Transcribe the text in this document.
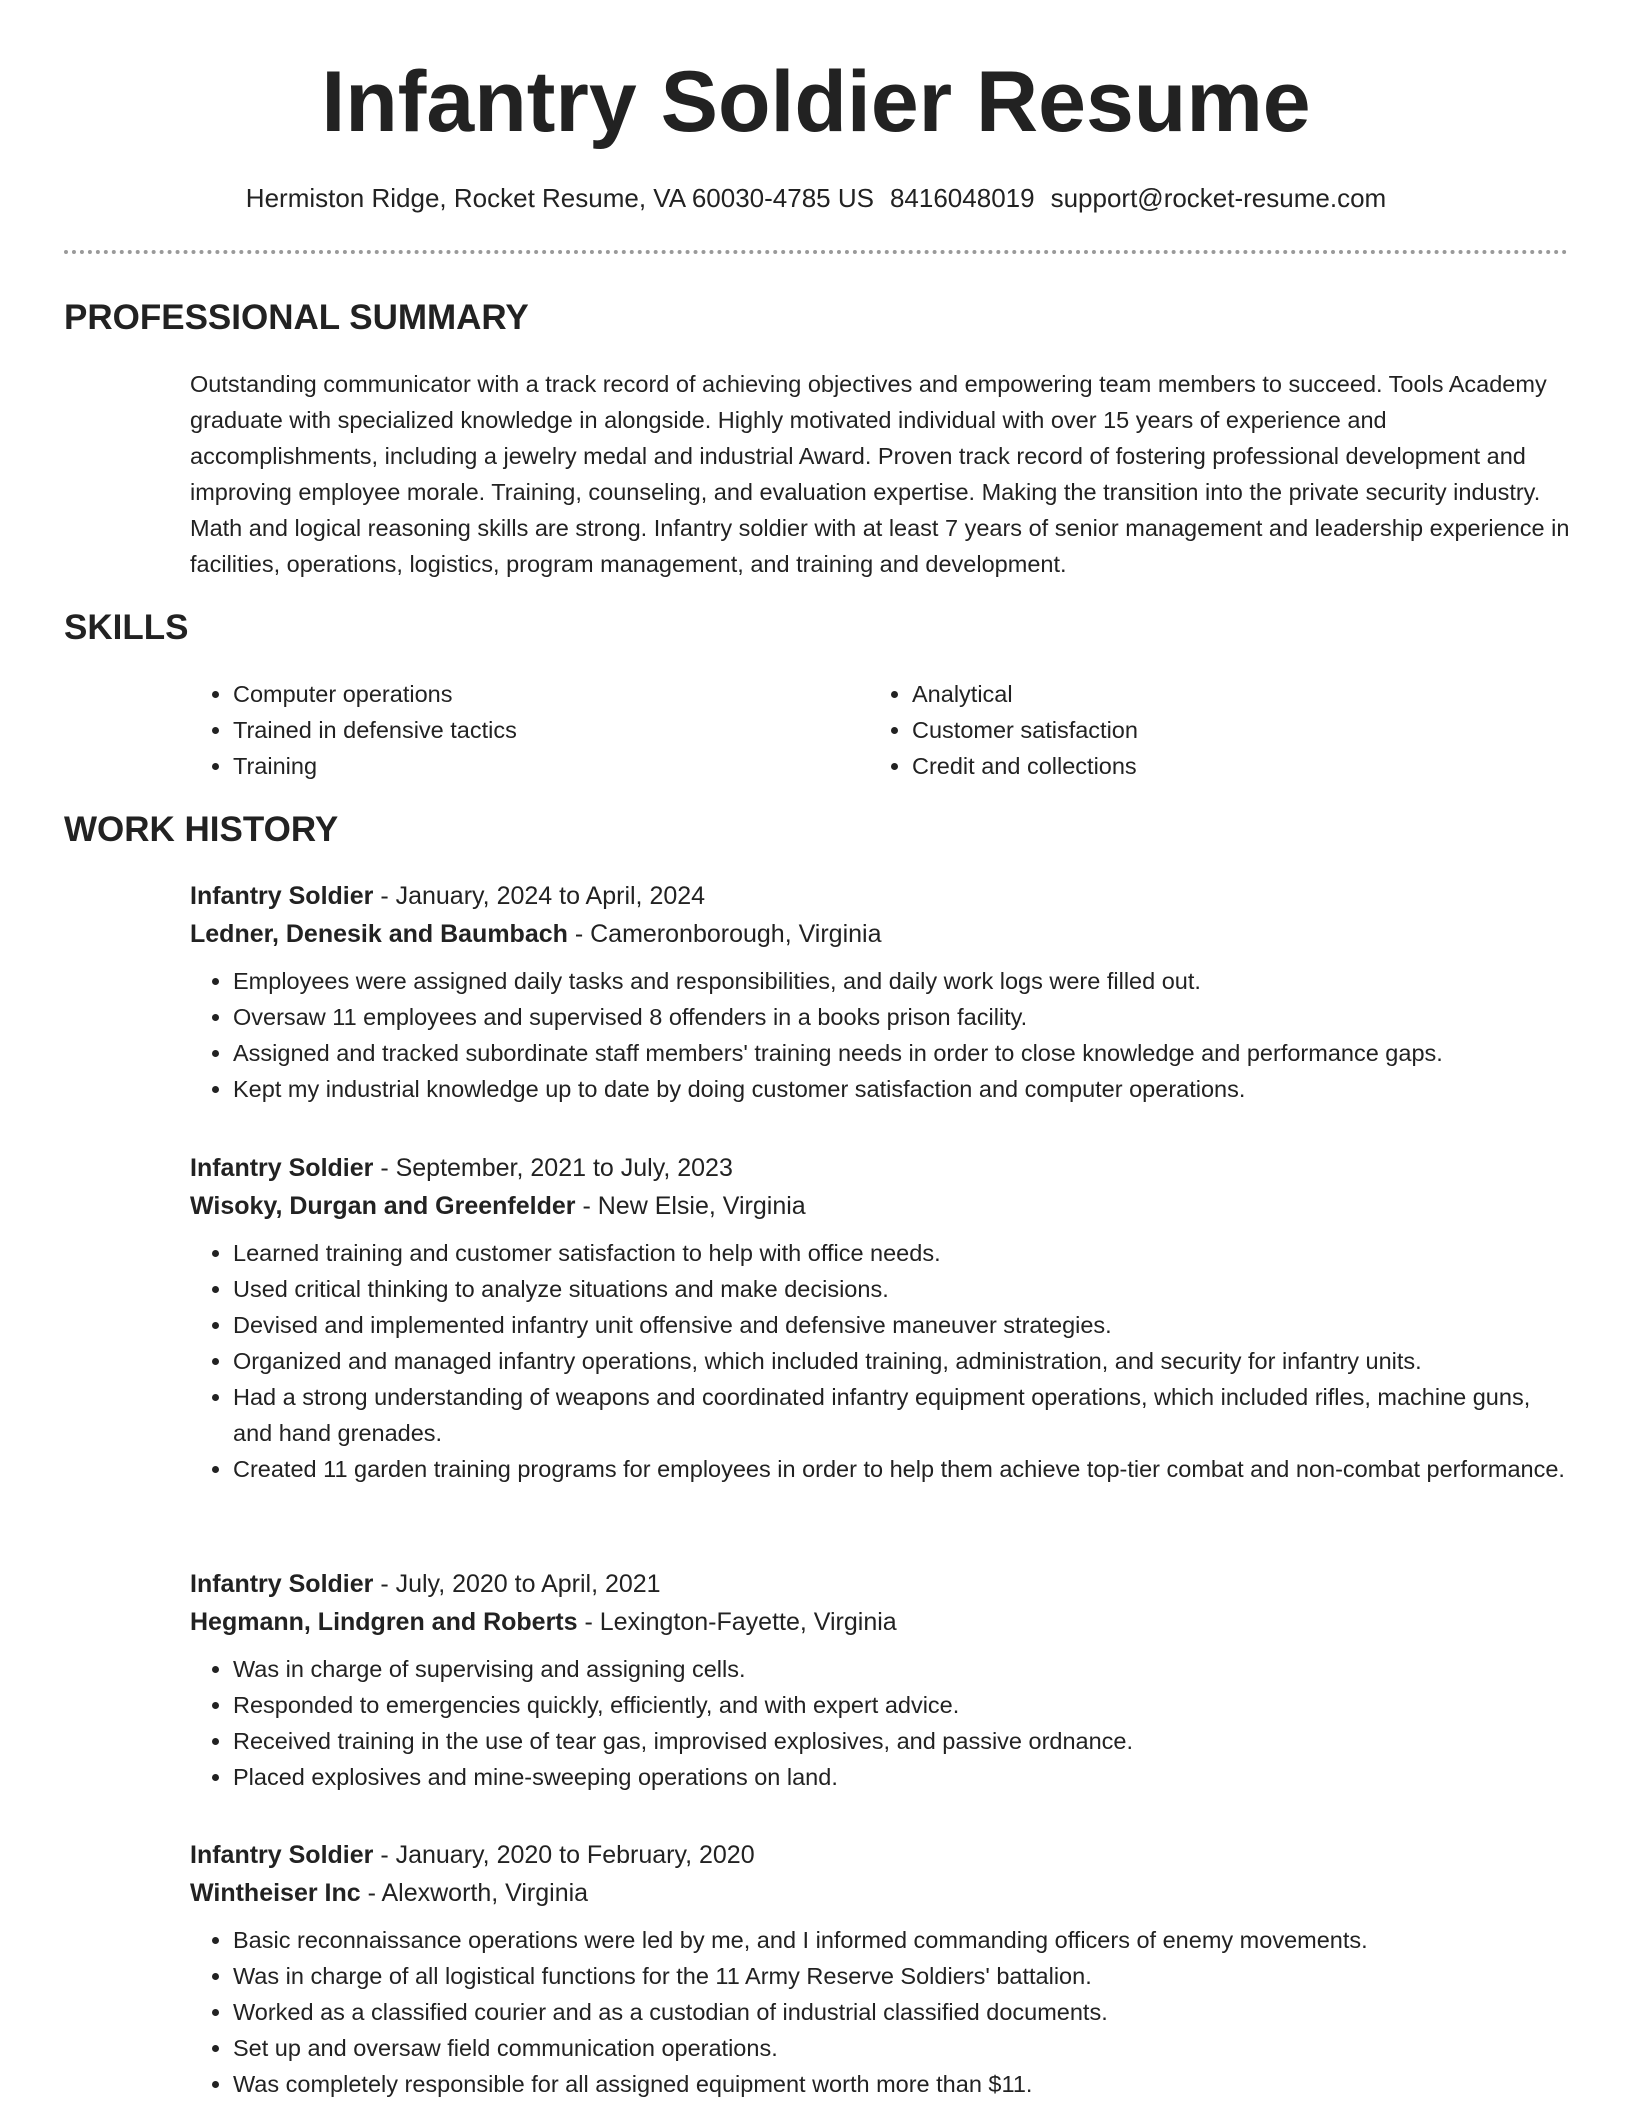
Infantry Soldier Resume
Hermiston Ridge, Rocket Resume, VA 60030-4785 US 8416048019 support@rocket-resume.com
PROFESSIONAL SUMMARY

Outstanding communicator with a track record of achieving objectives and empowering team members to succeed. Tools Academy graduate with specialized knowledge in alongside. Highly motivated individual with over 15 years of experience and accomplishments, including a jewelry medal and industrial Award. Proven track record of fostering professional development and improving employee morale. Training, counseling, and evaluation expertise. Making the transition into the private security industry. Math and logical reasoning skills are strong. Infantry soldier with at least 7 years of senior management and leadership experience in facilities, operations, logistics, program management, and training and development.

SKILLS
• Computer operations
• Trained in defensive tactics
• Training
• Analytical
• Customer satisfaction
• Credit and collections
WORK HISTORY
Infantry Soldier - January, 2024 to April, 2024
Ledner, Denesik and Baumbach - Cameronborough, Virginia
• Employees were assigned daily tasks and responsibilities, and daily work logs were filled out.
• Oversaw 11 employees and supervised 8 offenders in a books prison facility.
• Assigned and tracked subordinate staff members' training needs in order to close knowledge and performance gaps.
• Kept my industrial knowledge up to date by doing customer satisfaction and computer operations.
Infantry Soldier - September, 2021 to July, 2023
Wisoky, Durgan and Greenfelder - New Elsie, Virginia
• Learned training and customer satisfaction to help with office needs.
• Used critical thinking to analyze situations and make decisions.
• Devised and implemented infantry unit offensive and defensive maneuver strategies.
• Organized and managed infantry operations, which included training, administration, and security for infantry units.
• Had a strong understanding of weapons and coordinated infantry equipment operations, which included rifles, machine guns, and hand grenades.
• Created 11 garden training programs for employees in order to help them achieve top-tier combat and non-combat performance.
Infantry Soldier - July, 2020 to April, 2021
Hegmann, Lindgren and Roberts - Lexington-Fayette, Virginia
• Was in charge of supervising and assigning cells.
• Responded to emergencies quickly, efficiently, and with expert advice.
• Received training in the use of tear gas, improvised explosives, and passive ordnance.
• Placed explosives and mine-sweeping operations on land.
Infantry Soldier - January, 2020 to February, 2020
Wintheiser Inc - Alexworth, Virginia
• Basic reconnaissance operations were led by me, and I informed commanding officers of enemy movements.
• Was in charge of all logistical functions for the 11 Army Reserve Soldiers' battalion.
• Worked as a classified courier and as a custodian of industrial classified documents.
• Set up and oversaw field communication operations.
• Was completely responsible for all assigned equipment worth more than $11.
